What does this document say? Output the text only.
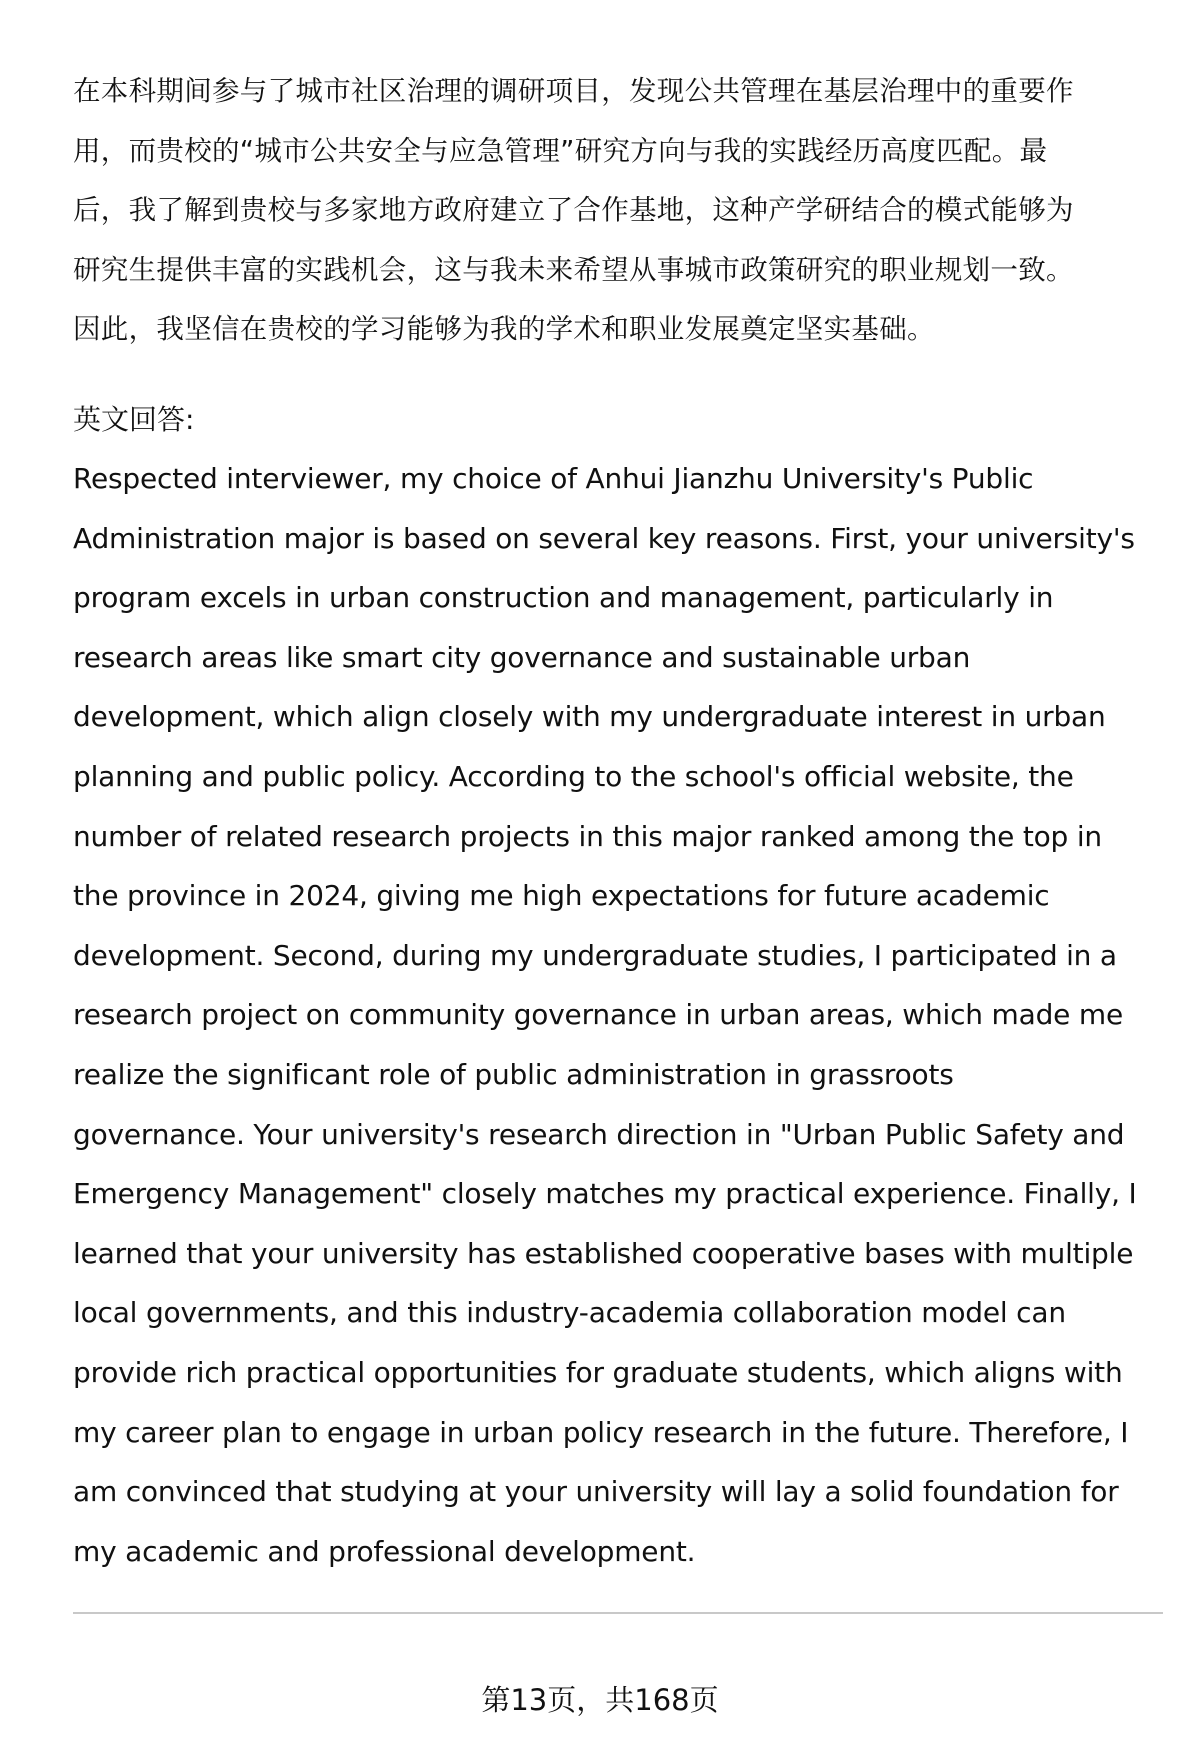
在本科期间参与了城市社区治理的调研项目，发现公共管理在基层治理中的重要作
用，而贵校的“城市公共安全与应急管理”研究方向与我的实践经历高度匹配。最
后，我了解到贵校与多家地方政府建立了合作基地，这种产学研结合的模式能够为
研究生提供丰富的实践机会，这与我未来希望从事城市政策研究的职业规划一致。
因此，我坚信在贵校的学习能够为我的学术和职业发展奠定坚实基础。
英文回答:
Respected interviewer, my choice of Anhui Jianzhu University's Public
Administration major is based on several key reasons. First, your university's
program excels in urban construction and management, particularly in
research areas like smart city governance and sustainable urban
development, which align closely with my undergraduate interest in urban
planning and public policy. According to the school's official website, the
number of related research projects in this major ranked among the top in
the province in 2024, giving me high expectations for future academic
development. Second, during my undergraduate studies, I participated in a
research project on community governance in urban areas, which made me
realize the significant role of public administration in grassroots
governance. Your university's research direction in "Urban Public Safety and
Emergency Management" closely matches my practical experience. Finally, I
learned that your university has established cooperative bases with multiple
local governments, and this industry-academia collaboration model can
provide rich practical opportunities for graduate students, which aligns with
my career plan to engage in urban policy research in the future. Therefore, I
am convinced that studying at your university will lay a solid foundation for
my academic and professional development.
第13页，共168页
